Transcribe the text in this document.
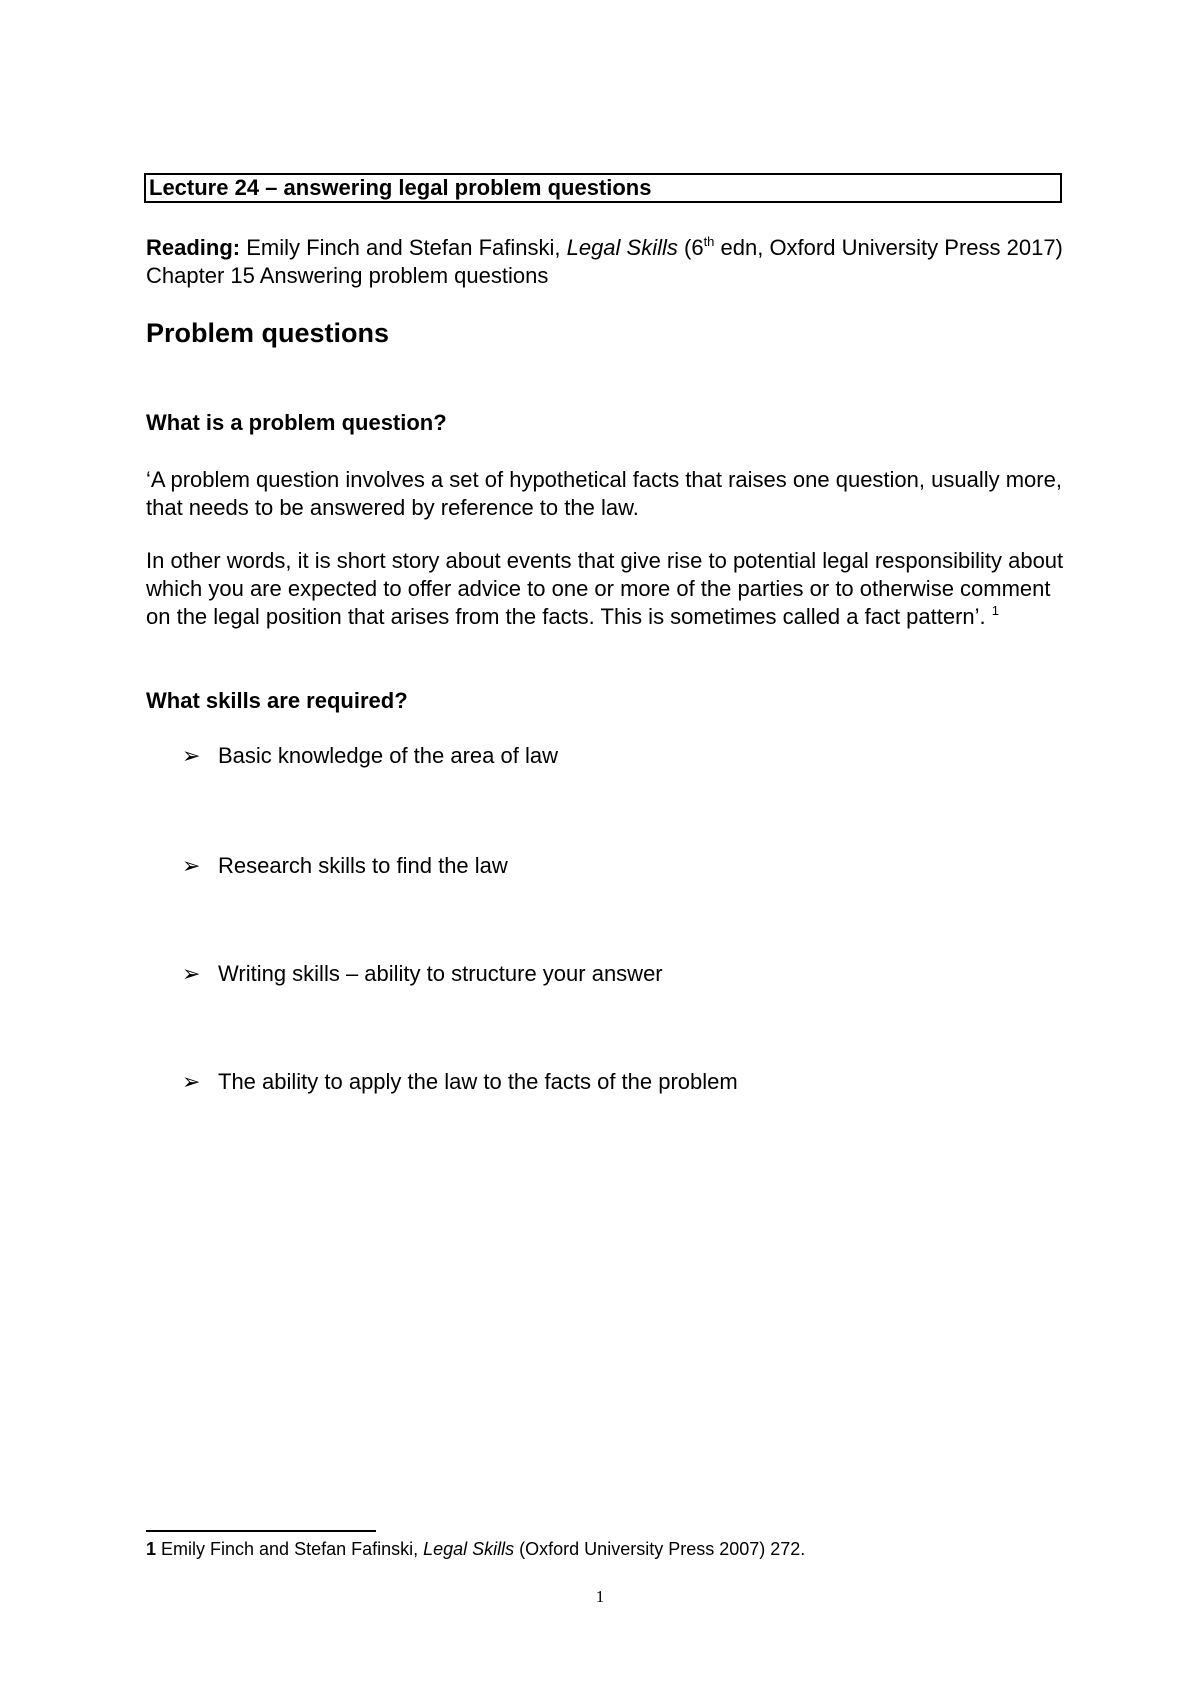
Lecture 24 – answering legal problem questions
Reading: Emily Finch and Stefan Fafinski, Legal Skills (6th edn, Oxford University Press 2017) Chapter 15 Answering problem questions
Problem questions
What is a problem question?
‘A problem question involves a set of hypothetical facts that raises one question, usually more, that needs to be answered by reference to the law.
In other words, it is short story about events that give rise to potential legal responsibility about which you are expected to offer advice to one or more of the parties or to otherwise comment on the legal position that arises from the facts. This is sometimes called a fact pattern’. $^1$
What skills are required?
➢ Basic knowledge of the area of law
➢ Research skills to find the law
➢ Writing skills – ability to structure your answer
➢ The ability to apply the law to the facts of the problem
1 Emily Finch and Stefan Fafinski, Legal Skills (Oxford University Press 2007) 272.
1
